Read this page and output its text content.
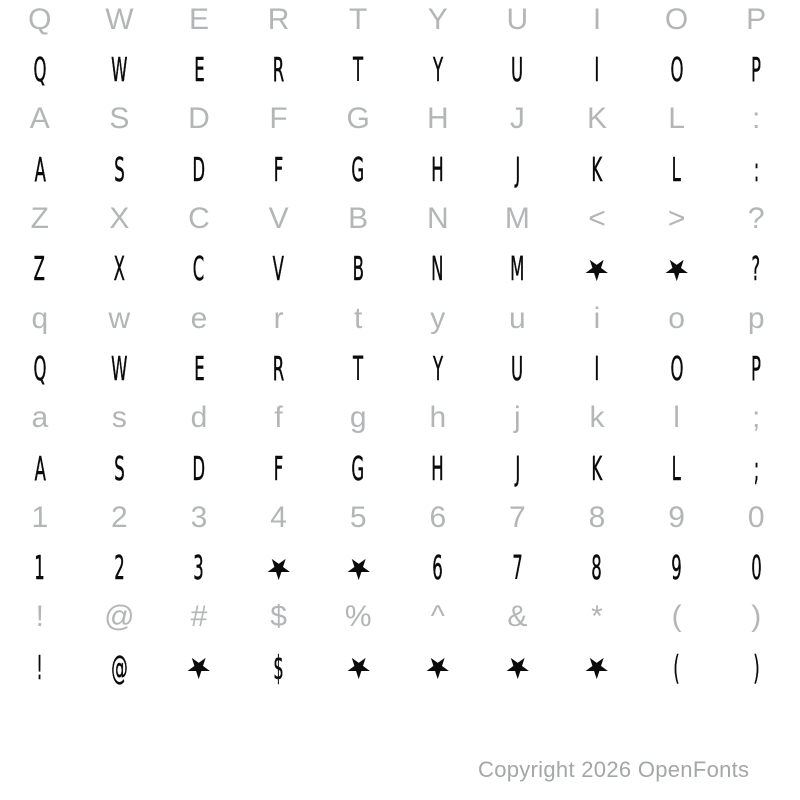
Q W E R T Y U I O P
Q W E R T Y U I O P
A S D F G H J K L :
A S D F G H J K L :
Z X C V B N M < > ?
Z X C V B N M ★ ★ ?
q w e r t y u i o p
Q W E R T Y U I O P
a s d f g h j k l ;
A S D F G H J K L ;
1 2 3 4 5 6 7 8 9 0
1 2 3 ★ ★ 6 7 8 9 0
! @ # $ % ^ & * ( )
! @ ★ $ ★ ★ ★ ★ ( )
Copyright 2026 OpenFonts
